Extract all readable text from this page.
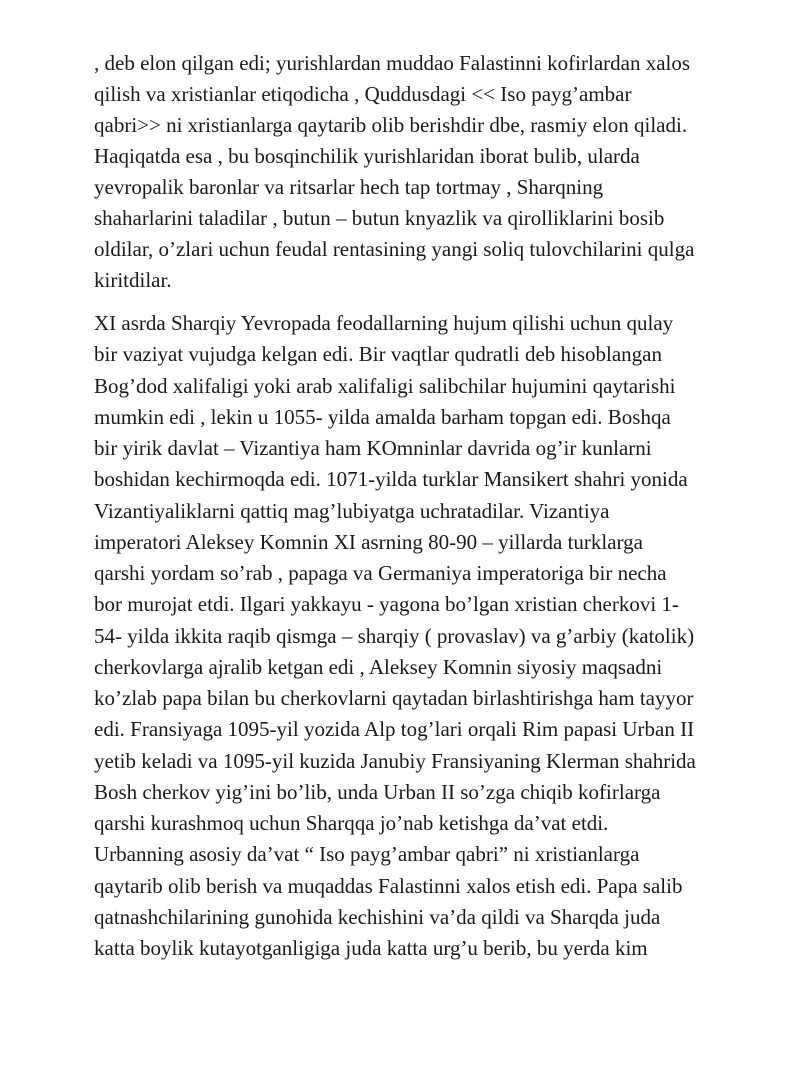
, deb elon qilgan edi; yurishlardan muddao Falastinni kofirlardan xalos
qilish va xristianlar etiqodicha , Quddusdagi << Iso payg’ambar
qabri>> ni xristianlarga qaytarib olib berishdir dbe, rasmiy elon qiladi.
Haqiqatda esa , bu bosqinchilik yurishlaridan iborat bulib, ularda
yevropalik baronlar va ritsarlar hech tap tortmay , Sharqning
shaharlarini taladilar , butun – butun knyazlik va qirolliklarini bosib
oldilar, o’zlari uchun feudal rentasining yangi soliq tulovchilarini qulga
kiritdilar.
XI asrda Sharqiy Yevropada feodallarning hujum qilishi uchun qulay
bir vaziyat vujudga kelgan edi. Bir vaqtlar qudratli deb hisoblangan
Bog’dod xalifaligi yoki arab xalifaligi salibchilar hujumini qaytarishi
mumkin edi , lekin u 1055- yilda amalda barham topgan edi. Boshqa
bir yirik davlat – Vizantiya ham KOmninlar davrida og’ir kunlarni
boshidan kechirmoqda edi. 1071-yilda turklar Mansikert shahri yonida
Vizantiyaliklarni qattiq mag’lubiyatga uchratadilar. Vizantiya
imperatori Aleksey Komnin XI asrning 80-90 – yillarda turklarga
qarshi yordam so’rab , papaga va Germaniya imperatoriga bir necha
bor murojat etdi. Ilgari yakkayu - yagona bo’lgan xristian cherkovi 1-
54- yilda ikkita raqib qismga – sharqiy ( provaslav) va g’arbiy (katolik)
cherkovlarga ajralib ketgan edi , Aleksey Komnin siyosiy maqsadni
ko’zlab papa bilan bu cherkovlarni qaytadan birlashtirishga ham tayyor
edi. Fransiyaga 1095-yil yozida Alp tog’lari orqali Rim papasi Urban II
yetib keladi va 1095-yil kuzida Janubiy Fransiyaning Klerman shahrida
Bosh cherkov yig’ini bo’lib, unda Urban II so’zga chiqib kofirlarga
qarshi kurashmoq uchun Sharqqa jo’nab ketishga da’vat etdi.
Urbanning asosiy da’vat “ Iso payg’ambar qabri” ni xristianlarga
qaytarib olib berish va muqaddas Falastinni xalos etish edi. Papa salib
qatnashchilarining gunohida kechishini va’da qildi va Sharqda juda
katta boylik kutayotganligiga juda katta urg’u berib, bu yerda kim
